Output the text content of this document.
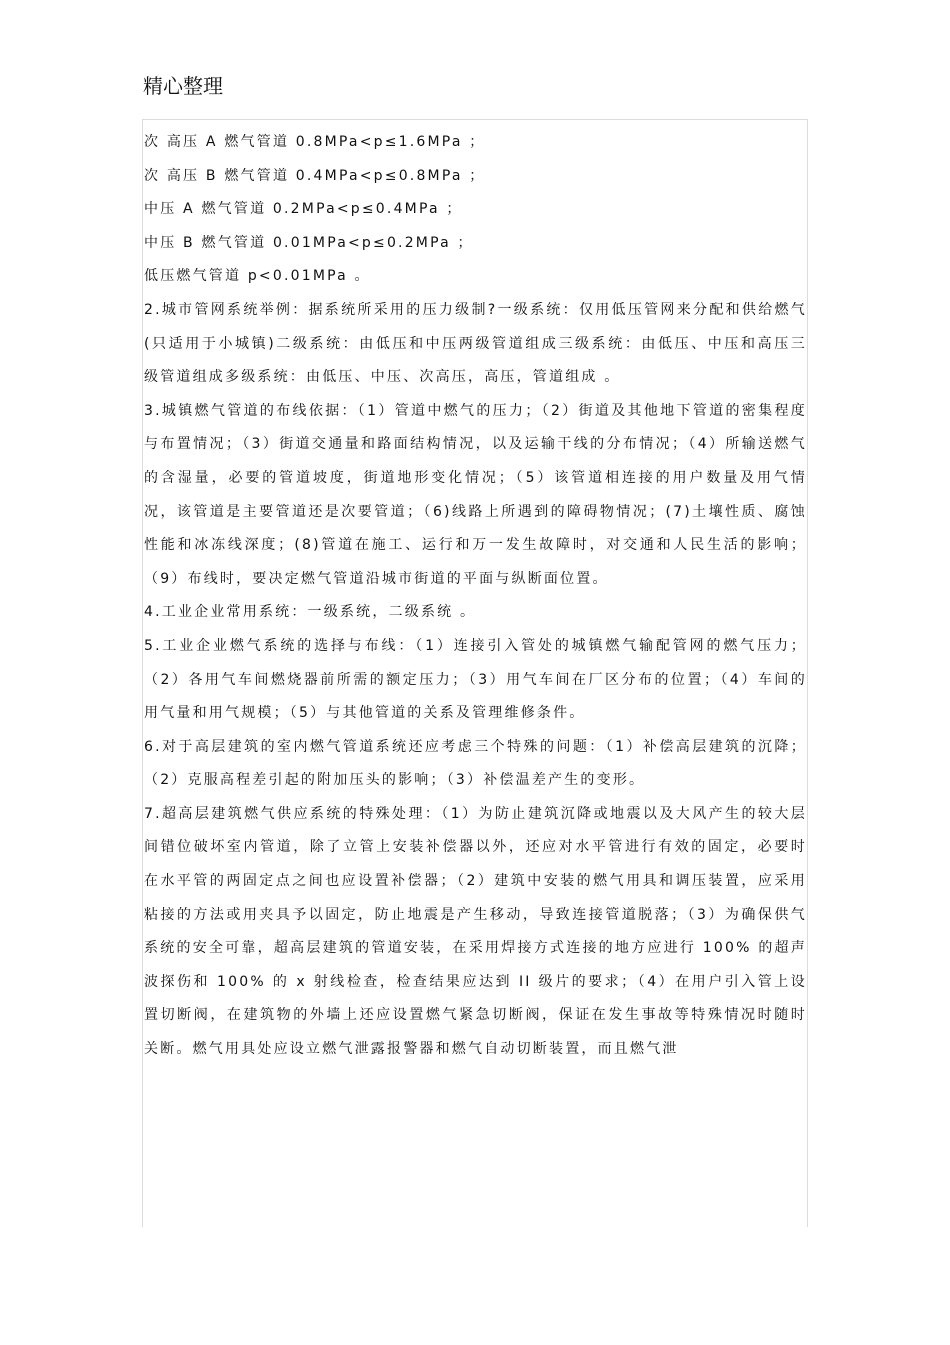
精心整理
次 高压 A 燃气管道 0.8MPa<p≤1.6MPa ；
次 高压 B 燃气管道 0.4MPa<p≤0.8MPa ；
中压 A 燃气管道 0.2MPa<p≤0.4MPa ；
中压 B 燃气管道 0.01MPa<p≤0.2MPa ；
低压燃气管道 p<0.01MPa 。
2.城市管网系统举例：据系统所采用的压力级制?一级系统：仅用低压管网来分配和供给燃气(只适用于小城镇)二级系统：由低压和中压两级管道组成三级系统：由低压、中压和高压三级管道组成多级系统：由低压、中压、次高压，高压，管道组成 。
3.城镇燃气管道的布线依据：（1）管道中燃气的压力；（2）街道及其他地下管道的密集程度与布置情况；（3）街道交通量和路面结构情况，以及运输干线的分布情况；（4）所输送燃气的含湿量，必要的管道坡度，街道地形变化情况；（5）该管道相连接的用户数量及用气情况，该管道是主要管道还是次要管道；（6)线路上所遇到的障碍物情况；(7)土壤性质、腐蚀性能和冰冻线深度；(8)管道在施工、运行和万一发生故障时，对交通和人民生活的影响；（9）布线时，要决定燃气管道沿城市街道的平面与纵断面位置。
4.工业企业常用系统：一级系统，二级系统 。
5.工业企业燃气系统的选择与布线：（1）连接引入管处的城镇燃气输配管网的燃气压力；（2）各用气车间燃烧器前所需的额定压力；（3）用气车间在厂区分布的位置；（4）车间的用气量和用气规模；（5）与其他管道的关系及管理维修条件。
6.对于高层建筑的室内燃气管道系统还应考虑三个特殊的问题：（1）补偿高层建筑的沉降；（2）克服高程差引起的附加压头的影响；（3）补偿温差产生的变形。
7.超高层建筑燃气供应系统的特殊处理：（1）为防止建筑沉降或地震以及大风产生的较大层间错位破坏室内管道，除了立管上安装补偿器以外，还应对水平管进行有效的固定，必要时在水平管的两固定点之间也应设置补偿器；（2）建筑中安装的燃气用具和调压装置，应采用粘接的方法或用夹具予以固定，防止地震是产生移动，导致连接管道脱落；（3）为确保供气系统的安全可靠，超高层建筑的管道安装，在采用焊接方式连接的地方应进行 100% 的超声波探伤和 100% 的 x 射线检查，检查结果应达到 II 级片的要求；（4）在用户引入管上设置切断阀，在建筑物的外墙上还应设置燃气紧急切断阀，保证在发生事故等特殊情况时随时关断。燃气用具处应设立燃气泄露报警器和燃气自动切断装置，而且燃气泄
